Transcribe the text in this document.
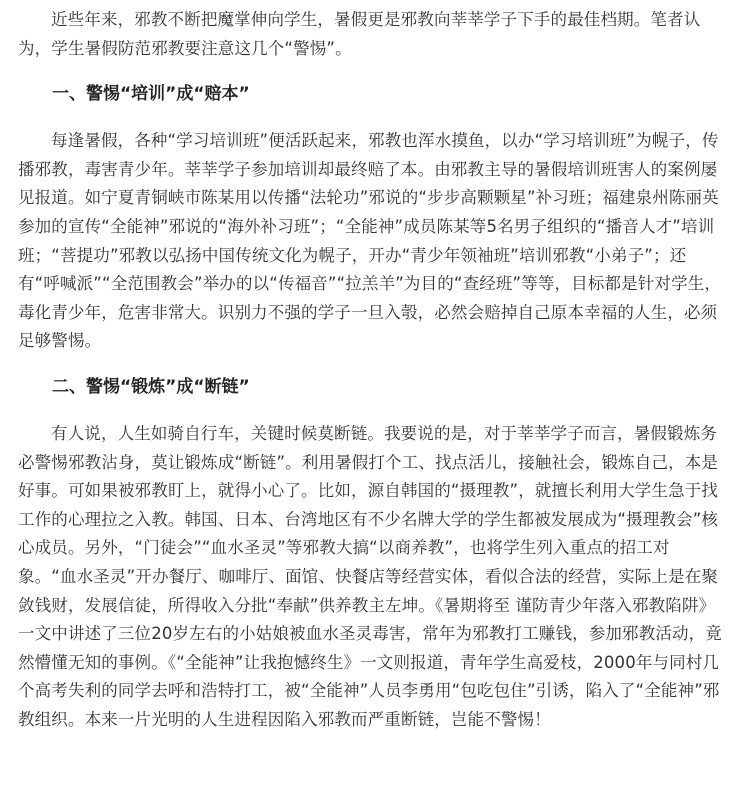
近些年来，邪教不断把魔掌伸向学生，暑假更是邪教向莘莘学子下手的最佳档期。笔者认为，学生暑假防范邪教要注意这几个“警惕”。

一、警惕“培训”成“赔本”

每逢暑假，各种“学习培训班”便活跃起来，邪教也浑水摸鱼，以办“学习培训班”为幌子，传播邪教，毒害青少年。莘莘学子参加培训却最终赔了本。由邪教主导的暑假培训班害人的案例屡见报道。如宁夏青铜峡市陈某用以传播“法轮功”邪说的“步步高颗颗星”补习班；福建泉州陈丽英参加的宣传“全能神”邪说的“海外补习班”；“全能神”成员陈某等5名男子组织的“播音人才”培训班；“菩提功”邪教以弘扬中国传统文化为幌子，开办“青少年领袖班”培训邪教“小弟子”；还有“呼喊派”“全范围教会”举办的以“传福音”“拉羔羊”为目的“查经班”等等，目标都是针对学生，毒化青少年，危害非常大。识别力不强的学子一旦入彀，必然会赔掉自己原本幸福的人生，必须足够警惕。

二、警惕“锻炼”成“断链”

有人说，人生如骑自行车，关键时候莫断链。我要说的是，对于莘莘学子而言，暑假锻炼务必警惕邪教沾身，莫让锻炼成“断链”。利用暑假打个工、找点活儿，接触社会，锻炼自己，本是好事。可如果被邪教盯上，就得小心了。比如，源自韩国的“摄理教”，就擅长利用大学生急于找工作的心理拉之入教。韩国、日本、台湾地区有不少名牌大学的学生都被发展成为“摄理教会”核心成员。另外，“门徒会”“血水圣灵”等邪教大搞“以商养教”，也将学生列入重点的招工对象。“血水圣灵”开办餐厅、咖啡厅、面馆、快餐店等经营实体，看似合法的经营，实际上是在聚敛钱财，发展信徒，所得收入分批“奉献”供养教主左坤。《暑期将至 谨防青少年落入邪教陷阱》一文中讲述了三位20岁左右的小姑娘被血水圣灵毒害，常年为邪教打工赚钱，参加邪教活动，竟然懵懂无知的事例。《“全能神”让我抱憾终生》一文则报道，青年学生高爱枝，2000年与同村几个高考失利的同学去呼和浩特打工，被“全能神”人员李勇用“包吃包住”引诱，陷入了“全能神”邪教组织。本来一片光明的人生进程因陷入邪教而严重断链，岂能不警惕！
